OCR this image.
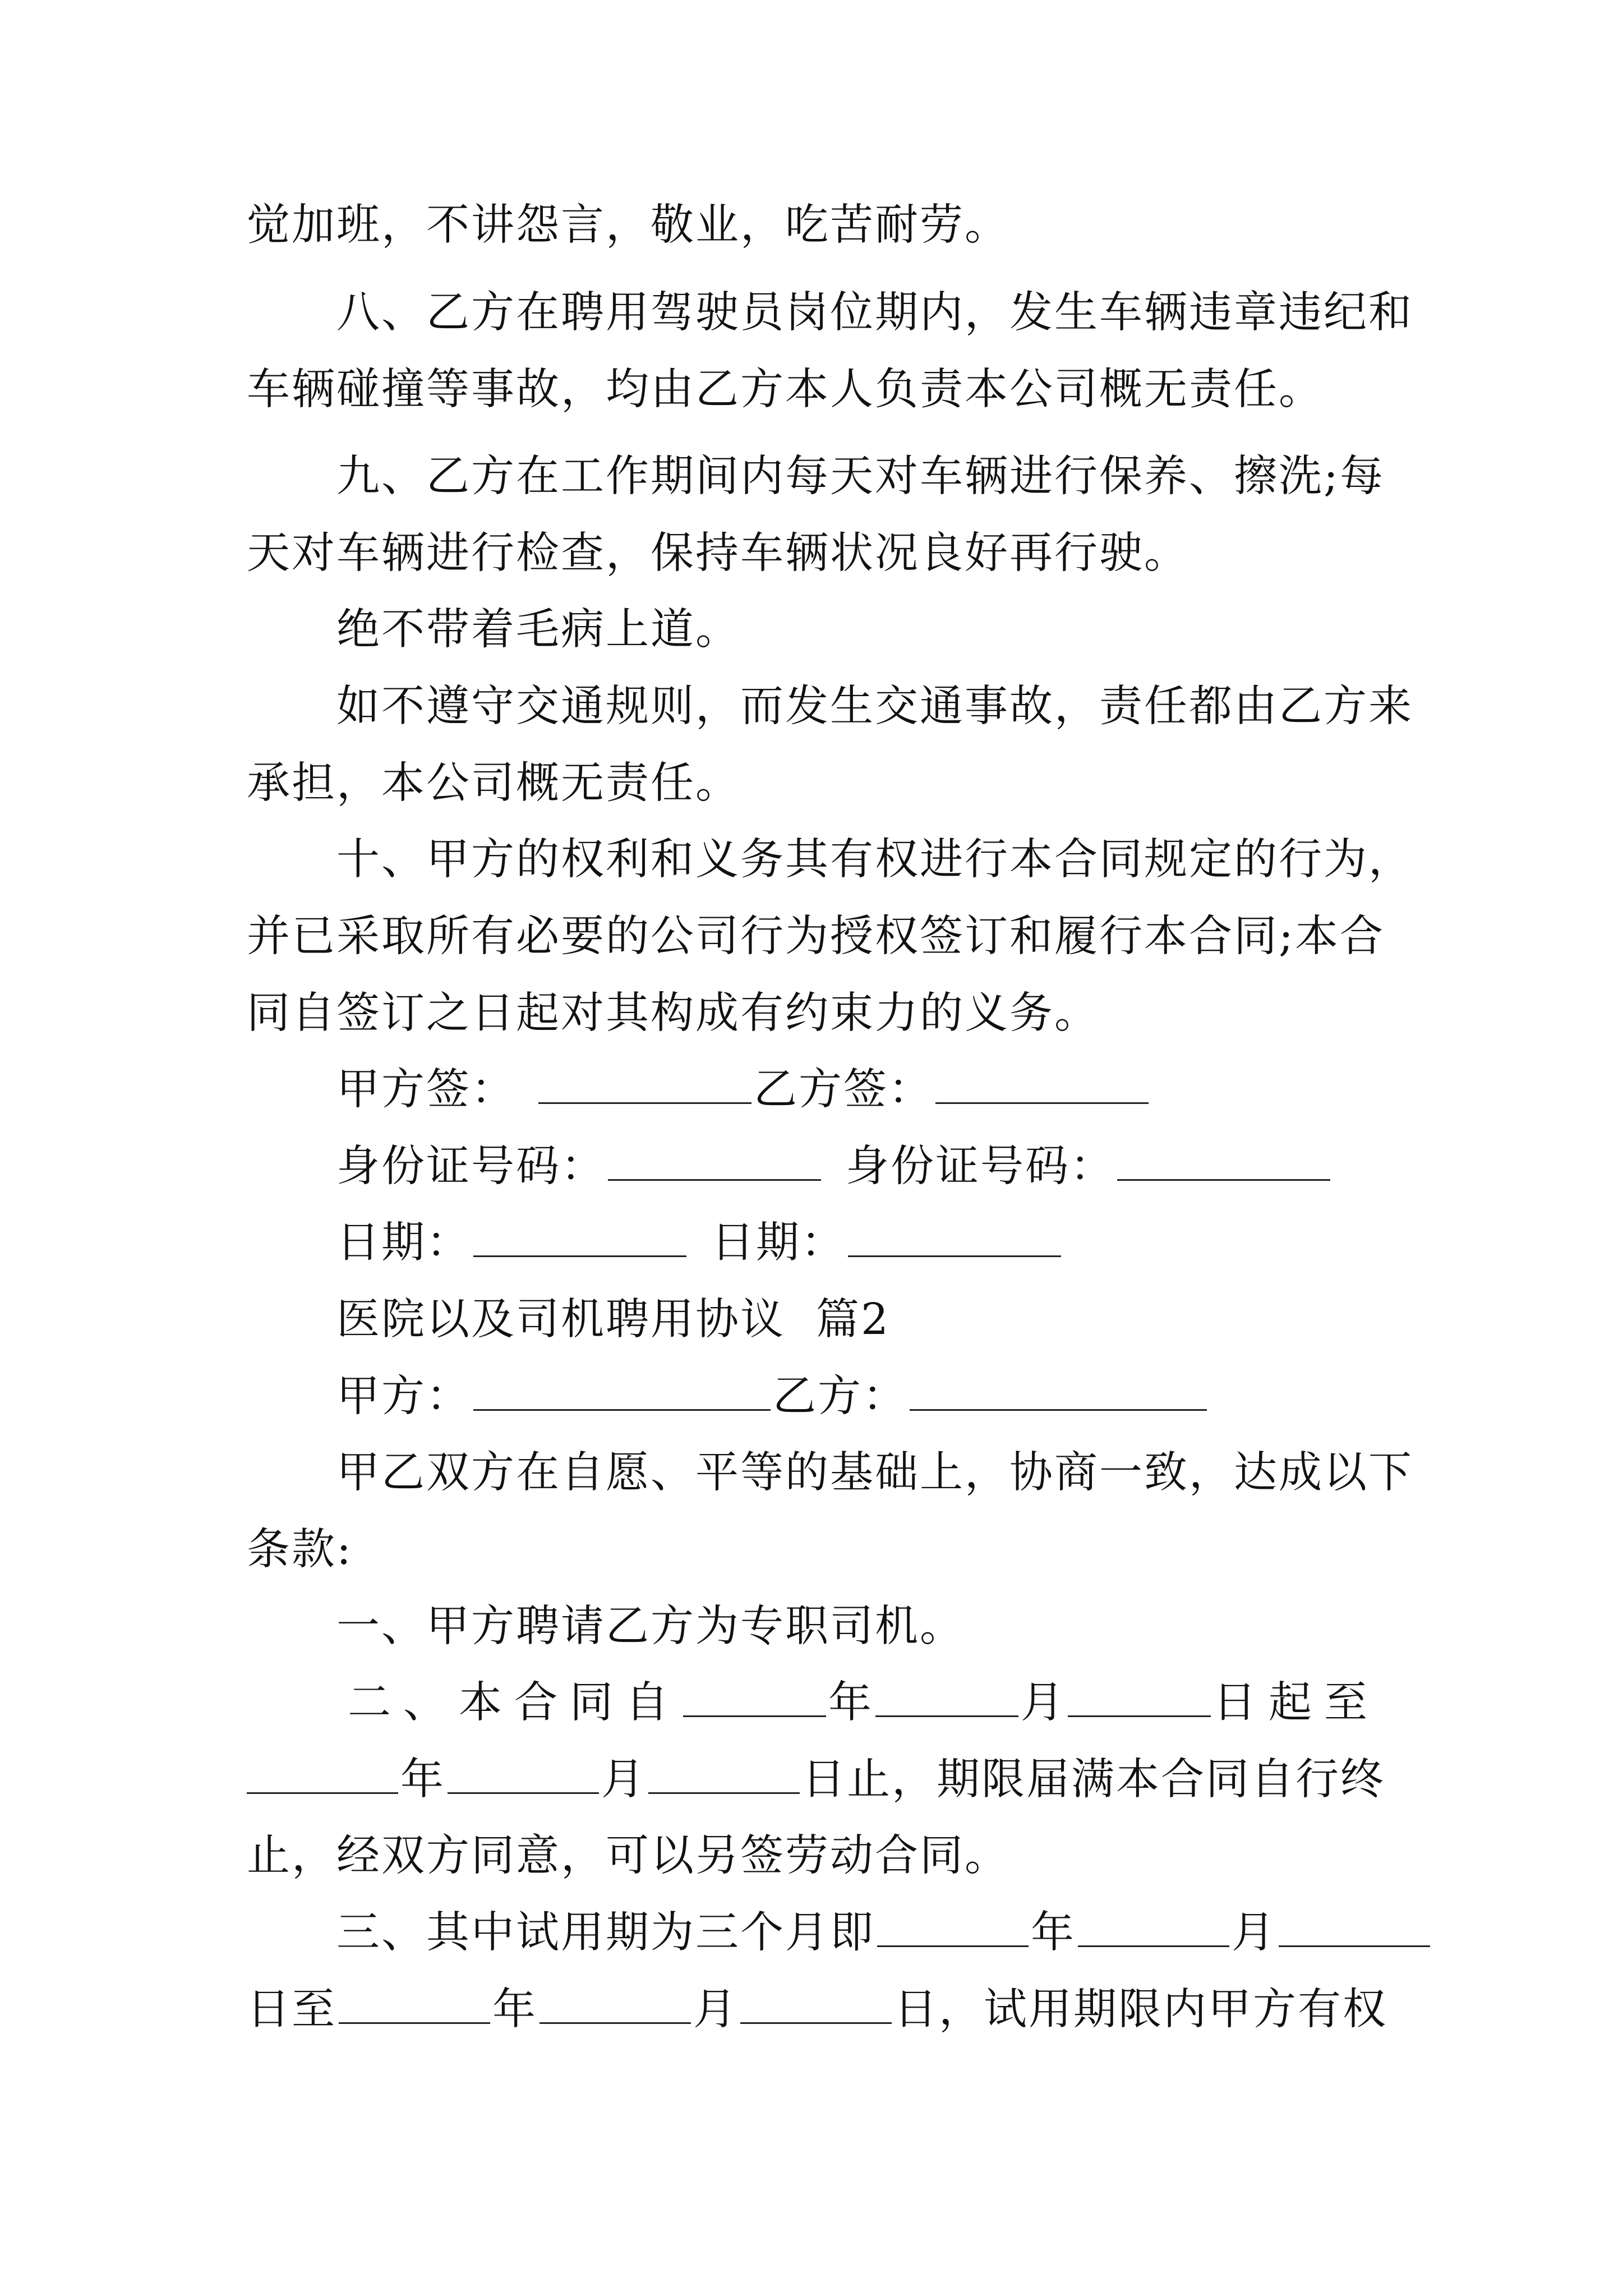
觉加班，不讲怨言，敬业，吃苦耐劳。
八、乙方在聘用驾驶员岗位期内，发生车辆违章违纪和
车辆碰撞等事故，均由乙方本人负责本公司概无责任。
九、乙方在工作期间内每天对车辆进行保养、擦洗;每
天对车辆进行检查，保持车辆状况良好再行驶。
绝不带着毛病上道。
如不遵守交通规则，而发生交通事故，责任都由乙方来
承担，本公司概无责任。
十、甲方的权利和义务其有权进行本合同规定的行为，
并已采取所有必要的公司行为授权签订和履行本合同;本合
同自签订之日起对其构成有约束力的义务。
甲方签：	乙方签：
身份证号码：	身份证号码：
日期：	日期：
医院以及司机聘用协议  篇2
甲方：	乙方：
甲乙双方在自愿、平等的基础上，协商一致，达成以下
条款:
一、甲方聘请乙方为专职司机。
二、本合同自	年	月	日起至
年	月	日止，期限届满本合同自行终
止，经双方同意，可以另签劳动合同。
三、其中试用期为三个月即	年	月
日至	年	月	日，试用期限内甲方有权
